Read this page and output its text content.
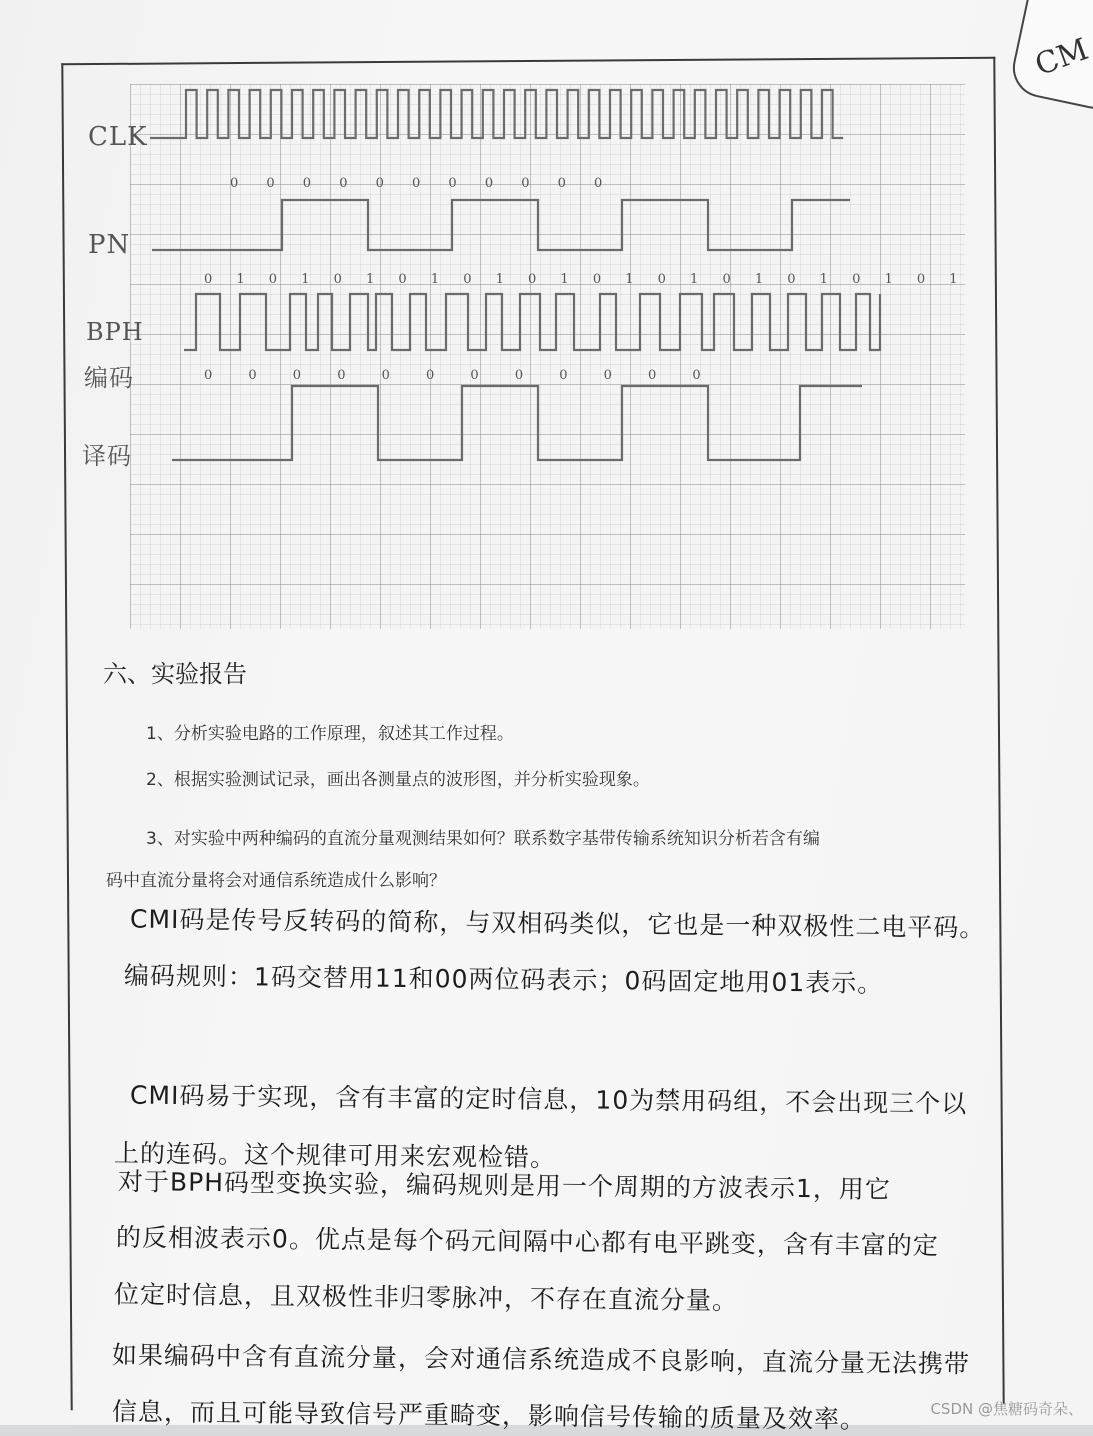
CM
CLK
PN
BPH
编码
译码
0 0 0 0 0 0 0 0 0 0 0
0 1 0 1 0 1 0 1 0 1 0 1 0 1 0 1 0 1 0 1 0 1 0 1
0 0 0 0 0 0 0 0 0 0 0 0
六、实验报告
1、分析实验电路的工作原理，叙述其工作过程。
2、根据实验测试记录，画出各测量点的波形图，并分析实验现象。
3、对实验中两种编码的直流分量观测结果如何？联系数字基带传输系统知识分析若含有编
码中直流分量将会对通信系统造成什么影响？
CMI码是传号反转码的简称，与双相码类似，它也是一种双极性二电平码。
编码规则：1码交替用11和00两位码表示；0码固定地用01表示。
CMI码易于实现，含有丰富的定时信息，10为禁用码组，不会出现三个以
上的连码。这个规律可用来宏观检错。
对于BPH码型变换实验，编码规则是用一个周期的方波表示1，用它
的反相波表示0。优点是每个码元间隔中心都有电平跳变，含有丰富的定
位定时信息，且双极性非归零脉冲，不存在直流分量。
如果编码中含有直流分量，会对通信系统造成不良影响，直流分量无法携带
信息，而且可能导致信号严重畸变，影响信号传输的质量及效率。	CSDN @焦糖码奇朵、
